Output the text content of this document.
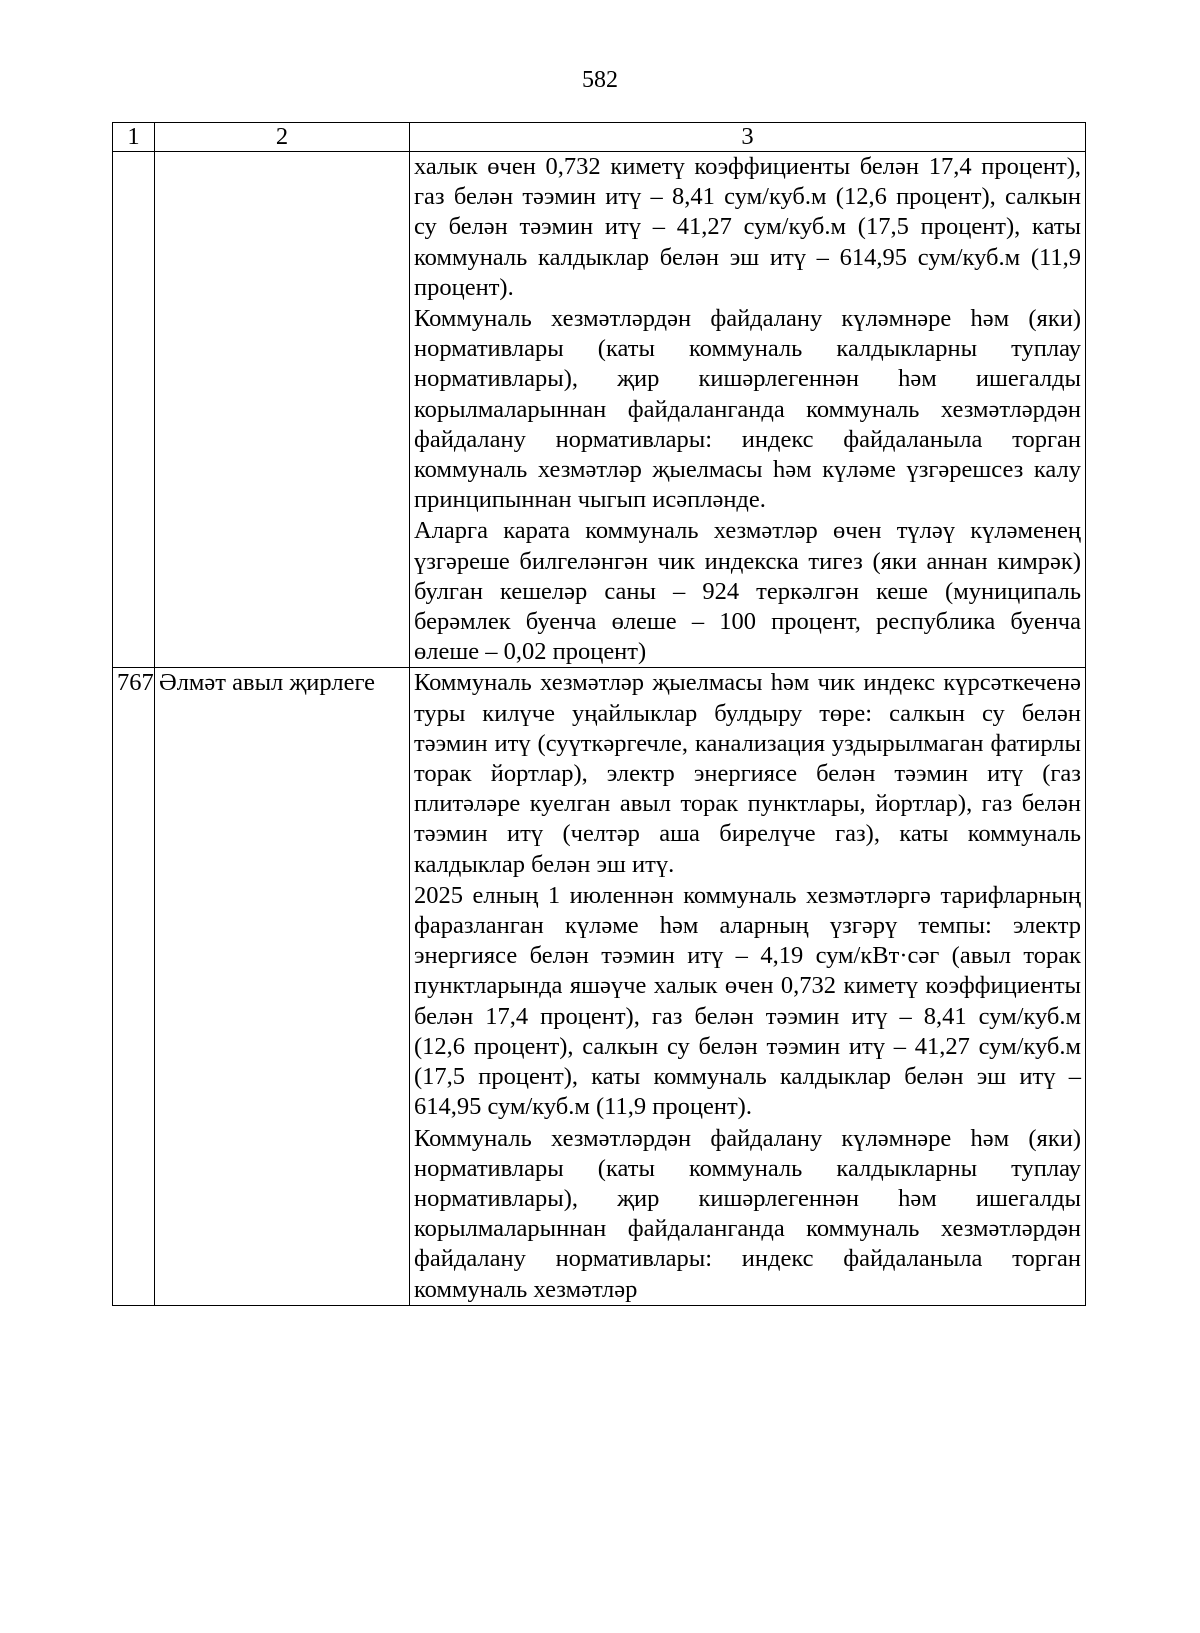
582
1	2	3

		халык өчен 0,732 киметү коэффициенты белән 17,4 процент), газ белән тәэмин итү – 8,41 сум/куб.м (12,6 процент), салкын су белән тәэмин итү – 41,27 сум/куб.м (17,5 процент), каты коммуналь калдыклар белән эш итү – 614,95 сум/куб.м (11,9 процент).

Коммуналь хезмәтләрдән файдалану күләмнәре һәм (яки) нормативлары (каты коммуналь калдыкларны туплау нормативлары), җир кишәрлегеннән һәм ишегалды корылмаларыннан файдаланганда коммуналь хезмәтләрдән файдалану нормативлары: индекс файдаланыла торган коммуналь хезмәтләр җыелмасы һәм күләме үзгәрешсез калу принципыннан чыгып исәпләнде.

Аларга карата коммуналь хезмәтләр өчен түләү күләменең үзгәреше билгеләнгән чик индекска тигез (яки аннан кимрәк) булган кешеләр саны – 924 теркәлгән кеше (муниципаль берәмлек буенча өлеше – 100 процент, республика буенча өлеше – 0,02 процент)

767	Әлмәт авыл җирлеге	Коммуналь хезмәтләр җыелмасы һәм чик индекс күрсәткеченә туры килүче уңайлыклар булдыру төре: салкын су белән тәэмин итү (суүткәргечле, канализация уздырылмаган фатирлы торак йортлар), электр энергиясе белән тәэмин итү (газ плитәләре куелган авыл торак пунктлары, йортлар), газ белән тәэмин итү (челтәр аша бирелүче газ), каты коммуналь калдыклар белән эш итү.

2025 елның 1 июленнән коммуналь хезмәтләргә тарифларның фаразланган күләме һәм аларның үзгәрү темпы: электр энергиясе белән тәэмин итү – 4,19 сум/кВт·сәг (авыл торак пунктларында яшәүче халык өчен 0,732 киметү коэффициенты белән 17,4 процент), газ белән тәэмин итү – 8,41 сум/куб.м (12,6 процент), салкын су белән тәэмин итү – 41,27 сум/куб.м (17,5 процент), каты коммуналь калдыклар белән эш итү – 614,95 сум/куб.м (11,9 процент).

Коммуналь хезмәтләрдән файдалану күләмнәре һәм (яки) нормативлары (каты коммуналь калдыкларны туплау нормативлары), җир кишәрлегеннән һәм ишегалды корылмаларыннан файдаланганда коммуналь хезмәтләрдән файдалану нормативлары: индекс файдаланыла торган коммуналь хезмәтләр
